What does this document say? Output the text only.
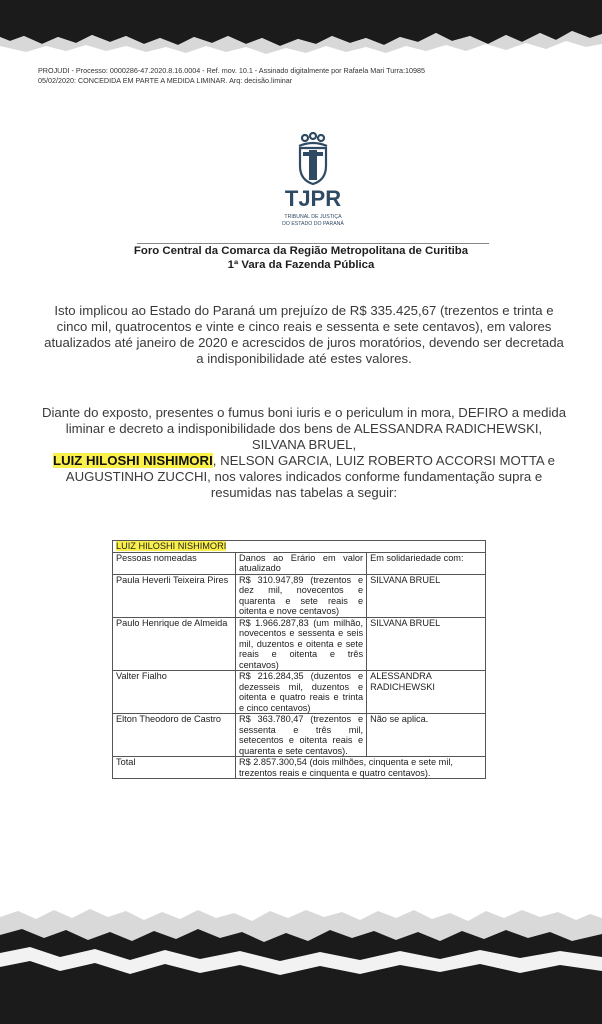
PROJUDI - Processo: 0000286-47.2020.8.16.0004 - Ref. mov. 10.1 - Assinado digitalmente por Rafaela Mari Turra:10985
05/02/2020: CONCEDIDA EM PARTE A MEDIDA LIMINAR. Arq: decisão.liminar
TJPR
TRIBUNAL DE JUSTIÇA
DO ESTADO DO PARANÁ
Foro Central da Comarca da Região Metropolitana de Curitiba
1ª Vara da Fazenda Pública
Isto implicou ao Estado do Paraná um prejuízo de R$ 335.425,67 (trezentos e trinta e cinco mil, quatrocentos e vinte e cinco reais e sessenta e sete centavos), em valores atualizados até janeiro de 2020 e acrescidos de juros moratórios, devendo ser decretada a indisponibilidade até estes valores.
Diante do exposto, presentes o fumus boni iuris e o periculum in mora, DEFIRO a medida liminar e decreto a indisponibilidade dos bens de ALESSANDRA RADICHEWSKI, SILVANA BRUEL,
LUIZ HILOSHI NISHIMORI, NELSON GARCIA, LUIZ ROBERTO ACCORSI MOTTA e AUGUSTINHO ZUCCHI, nos valores indicados conforme fundamentação supra e resumidas nas tabelas a seguir:
LUIZ HILOSHI NISHIMORI		
Pessoas nomeadas	Danos ao Erário em valor atualizado	Em solidariedade com:
Paula Heverli Teixeira Pires	R$ 310.947,89 (trezentos e dez mil, novecentos e quarenta e sete reais e oitenta e nove centavos)	SILVANA BRUEL
Paulo Henrique de Almeida	R$ 1.966.287,83 (um milhão, novecentos e sessenta e seis mil, duzentos e oitenta e sete reais e oitenta e três centavos)	SILVANA BRUEL
Valter Fialho	R$ 216.284,35 (duzentos e dezesseis mil, duzentos e oitenta e quatro reais e trinta e cinco centavos)	ALESSANDRA RADICHEWSKI
Elton Theodoro de Castro	R$ 363.780,47 (trezentos e sessenta e três mil, setecentos e oitenta reais e quarenta e sete centavos).	Não se aplica.
Total	R$ 2.857.300,54 (dois milhões, cinquenta e sete mil, trezentos reais e cinquenta e quatro centavos).	
